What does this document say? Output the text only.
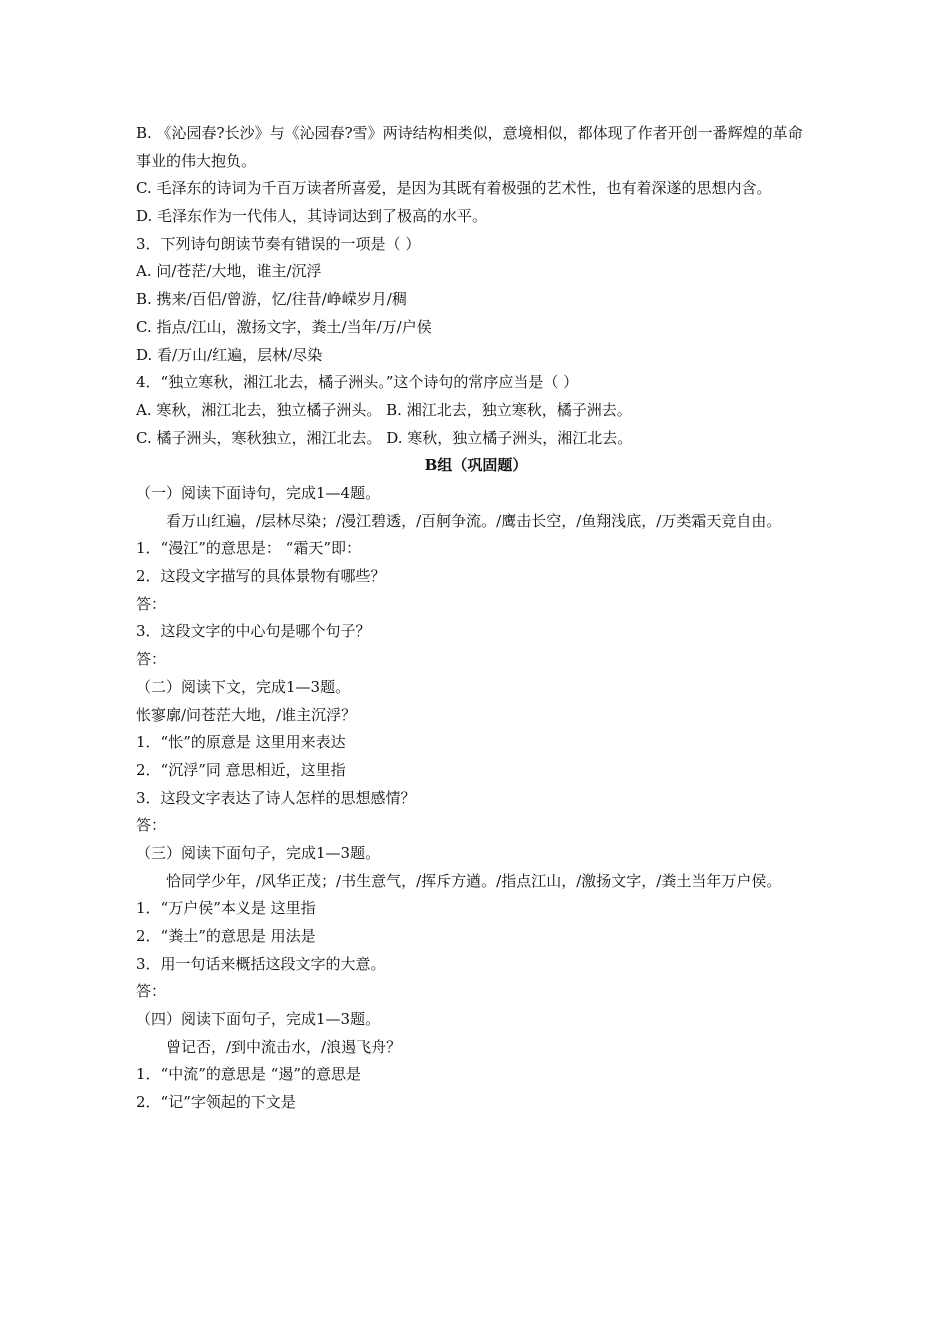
B. 《沁园春?长沙》与《沁园春?雪》两诗结构相类似，意境相似，都体现了作者开创一番辉煌的革命事业的伟大抱负。
C. 毛泽东的诗词为千百万读者所喜爱，是因为其既有着极强的艺术性，也有着深遂的思想内含。
D. 毛泽东作为一代伟人，其诗词达到了极高的水平。
3．下列诗句朗读节奏有错误的一项是（ ）
A. 问/苍茫/大地，谁主/沉浮
B. 携来/百侣/曾游，忆/往昔/峥嵘岁月/稠
C. 指点/江山，激扬文字，粪土/当年/万/户侯
D. 看/万山/红遍，层林/尽染
4．“独立寒秋，湘江北去，橘子洲头。”这个诗句的常序应当是（ ）
A. 寒秋，湘江北去，独立橘子洲头。 B. 湘江北去，独立寒秋，橘子洲去。
C. 橘子洲头，寒秋独立，湘江北去。 D. 寒秋，独立橘子洲头，湘江北去。
B组（巩固题）
（一）阅读下面诗句，完成1—4题。
看万山红遍，/层林尽染；/漫江碧透，/百舸争流。/鹰击长空，/鱼翔浅底，/万类霜天竞自由。
1．“漫江”的意思是： “霜天”即：
2．这段文字描写的具体景物有哪些？
答：
3．这段文字的中心句是哪个句子？
答：
（二）阅读下文，完成1—3题。
怅寥廓/问苍茫大地，/谁主沉浮？
1．“怅”的原意是 这里用来表达
2．“沉浮”同 意思相近，这里指
3．这段文字表达了诗人怎样的思想感情？
答：
（三）阅读下面句子，完成1—3题。
恰同学少年，/风华正茂；/书生意气，/挥斥方遒。/指点江山，/激扬文字，/粪土当年万户侯。
1．“万户侯”本义是 这里指
2．“粪土”的意思是 用法是
3．用一句话来概括这段文字的大意。
答：
（四）阅读下面句子，完成1—3题。
曾记否，/到中流击水，/浪遏飞舟？
1．“中流”的意思是 “遏”的意思是
2．“记”字领起的下文是
